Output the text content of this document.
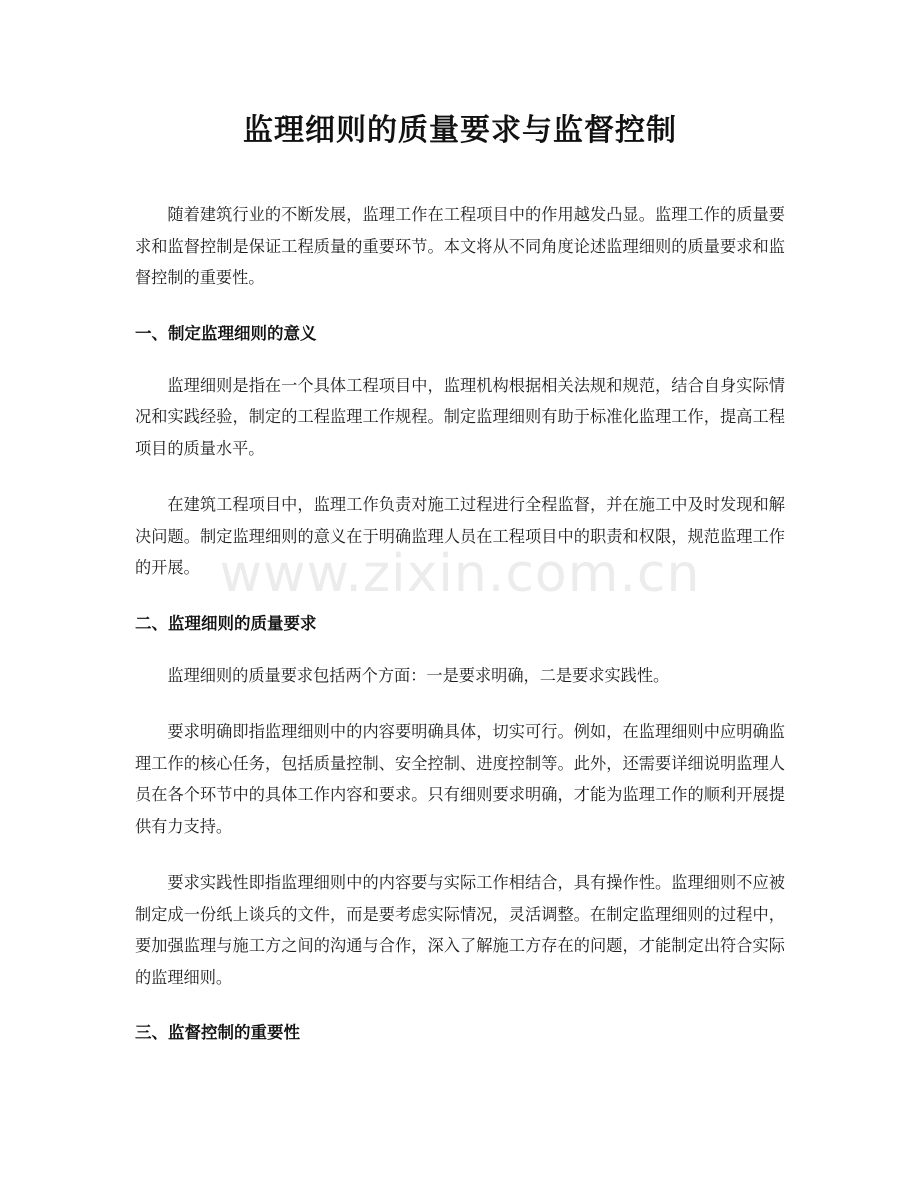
监理细则的质量要求与监督控制

随着建筑行业的不断发展，监理工作在工程项目中的作用越发凸显。监理工作的质量要求和监督控制是保证工程质量的重要环节。本文将从不同角度论述监理细则的质量要求和监督控制的重要性。

一、制定监理细则的意义

监理细则是指在一个具体工程项目中，监理机构根据相关法规和规范，结合自身实际情况和实践经验，制定的工程监理工作规程。制定监理细则有助于标准化监理工作，提高工程项目的质量水平。

在建筑工程项目中，监理工作负责对施工过程进行全程监督，并在施工中及时发现和解决问题。制定监理细则的意义在于明确监理人员在工程项目中的职责和权限，规范监理工作的开展。

二、监理细则的质量要求

监理细则的质量要求包括两个方面：一是要求明确，二是要求实践性。

要求明确即指监理细则中的内容要明确具体，切实可行。例如，在监理细则中应明确监理工作的核心任务，包括质量控制、安全控制、进度控制等。此外，还需要详细说明监理人员在各个环节中的具体工作内容和要求。只有细则要求明确，才能为监理工作的顺利开展提供有力支持。

要求实践性即指监理细则中的内容要与实际工作相结合，具有操作性。监理细则不应被制定成一份纸上谈兵的文件，而是要考虑实际情况，灵活调整。在制定监理细则的过程中，要加强监理与施工方之间的沟通与合作，深入了解施工方存在的问题，才能制定出符合实际的监理细则。

三、监督控制的重要性
www.zixin.com.cn
